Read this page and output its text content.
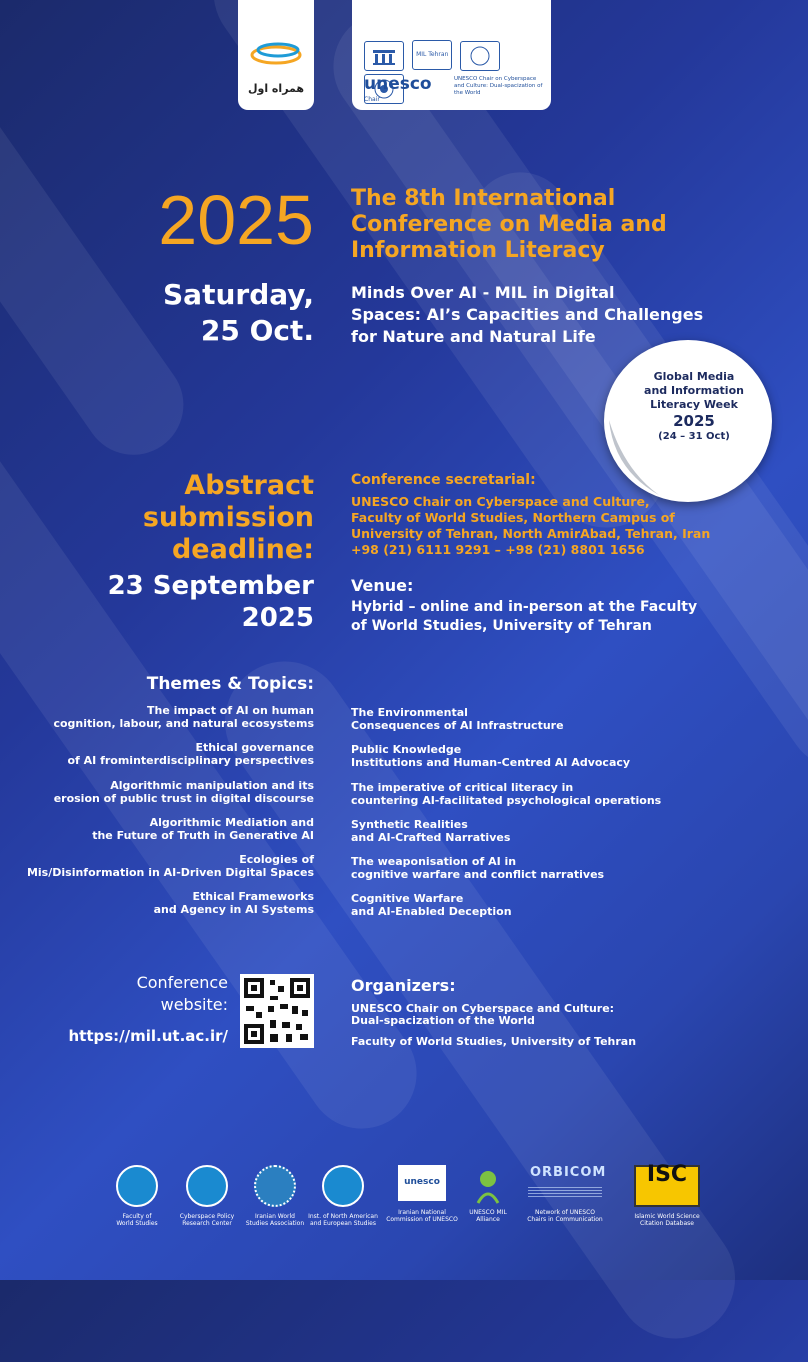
همراه اول

MIL Tehran

unesco
Chair
UNESCO Chair on Cyberspace and Culture: Dual-spacization of the World
2025
Saturday,
25 Oct.
The 8th International
Conference on Media and
Information Literacy
Minds Over AI - MIL in Digital
Spaces: AI’s Capacities and Challenges
for Nature and Natural Life
Global Media
and Information
Literacy Week
2025
(24 – 31 Oct)
Abstract
submission
deadline:
23 September
2025
Conference secretarial:
UNESCO Chair on Cyberspace and Culture,
Faculty of World Studies, Northern Campus of
University of Tehran, North AmirAbad, Tehran, Iran
+98 (21) 6111 9291 – +98 (21) 8801 1656
Venue:
Hybrid – online and in-person at the Faculty
of World Studies, University of Tehran
Themes & Topics:
The impact of AI on human
cognition, labour, and natural ecosystems
Ethical governance
of AI frominterdisciplinary perspectives
Algorithmic manipulation and its
erosion of public trust in digital discourse
Algorithmic Mediation and
the Future of Truth in Generative AI
Ecologies of
Mis/Disinformation in AI-Driven Digital Spaces
Ethical Frameworks
and Agency in AI Systems
The Environmental
Consequences of AI Infrastructure
Public Knowledge
Institutions and Human-Centred AI Advocacy
The imperative of critical literacy in
countering AI-facilitated psychological operations
Synthetic Realities
and AI-Crafted Narratives
The weaponisation of AI in
cognitive warfare and conflict narratives
Cognitive Warfare
and AI-Enabled Deception
Conference
website:
https://mil.ut.ac.ir/
Organizers:
UNESCO Chair on Cyberspace and Culture:
Dual-spacization of the World
Faculty of World Studies, University of Tehran
Faculty of
World Studies
Cyberspace Policy
Research Center
Iranian World
Studies Association
Inst. of North American
and European Studies
unesco
Iranian National
Commission of UNESCO
UNESCO MIL
Alliance
ORBICOM
Network of UNESCO
Chairs in Communication
ISC
Islamic World Science
Citation Database
